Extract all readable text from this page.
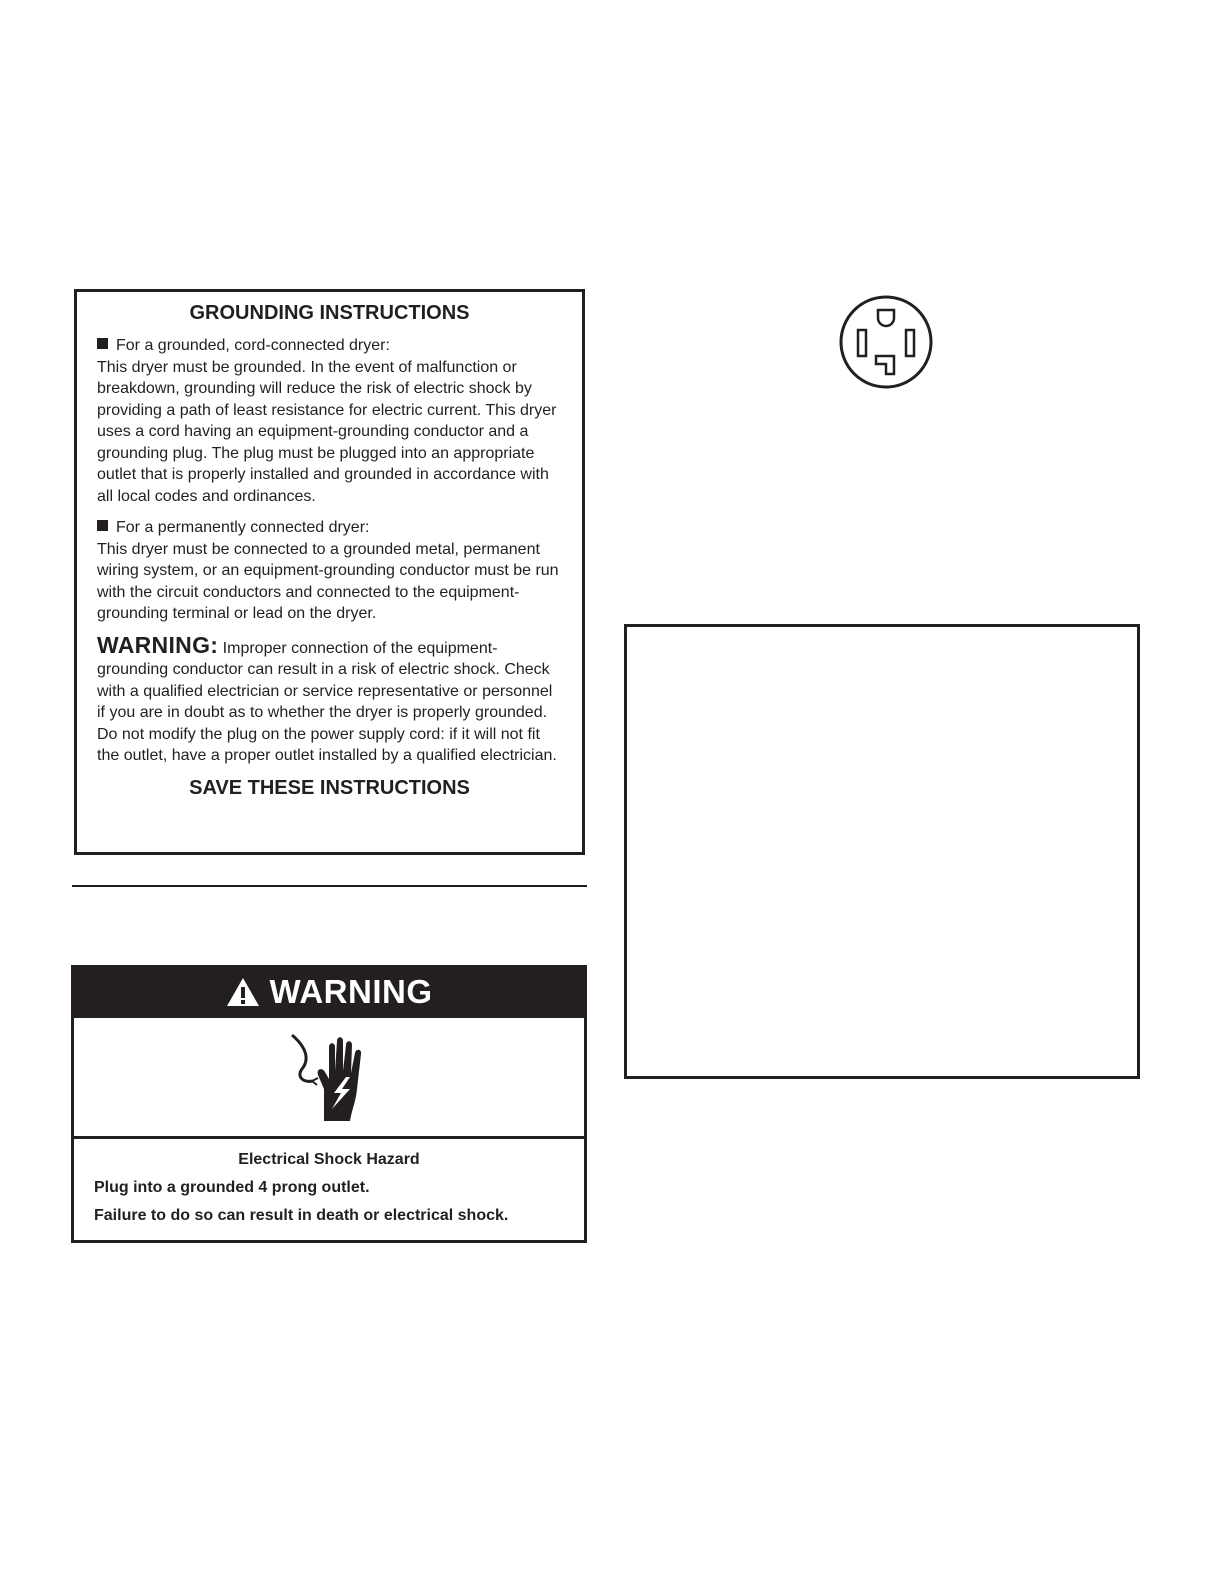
GROUNDING INSTRUCTIONS

For a grounded, cord-connected dryer:
This dryer must be grounded. In the event of malfunction or breakdown, grounding will reduce the risk of electric shock by providing a path of least resistance for electric current. This dryer uses a cord having an equipment-grounding conductor and a grounding plug. The plug must be plugged into an appropriate outlet that is properly installed and grounded in accordance with all local codes and ordinances.

For a permanently connected dryer:
This dryer must be connected to a grounded metal, permanent wiring system, or an equipment-grounding conductor must be run with the circuit conductors and connected to the equipment-grounding terminal or lead on the dryer.

WARNING: Improper connection of the equipment-grounding conductor can result in a risk of electric shock. Check with a qualified electrician or service representative or personnel if you are in doubt as to whether the dryer is properly grounded. Do not modify the plug on the power supply cord: if it will not fit the outlet, have a proper outlet installed by a qualified electrician.

SAVE THESE INSTRUCTIONS
WARNING
Electrical Shock Hazard

Plug into a grounded 4 prong outlet.

Failure to do so can result in death or electrical shock.
